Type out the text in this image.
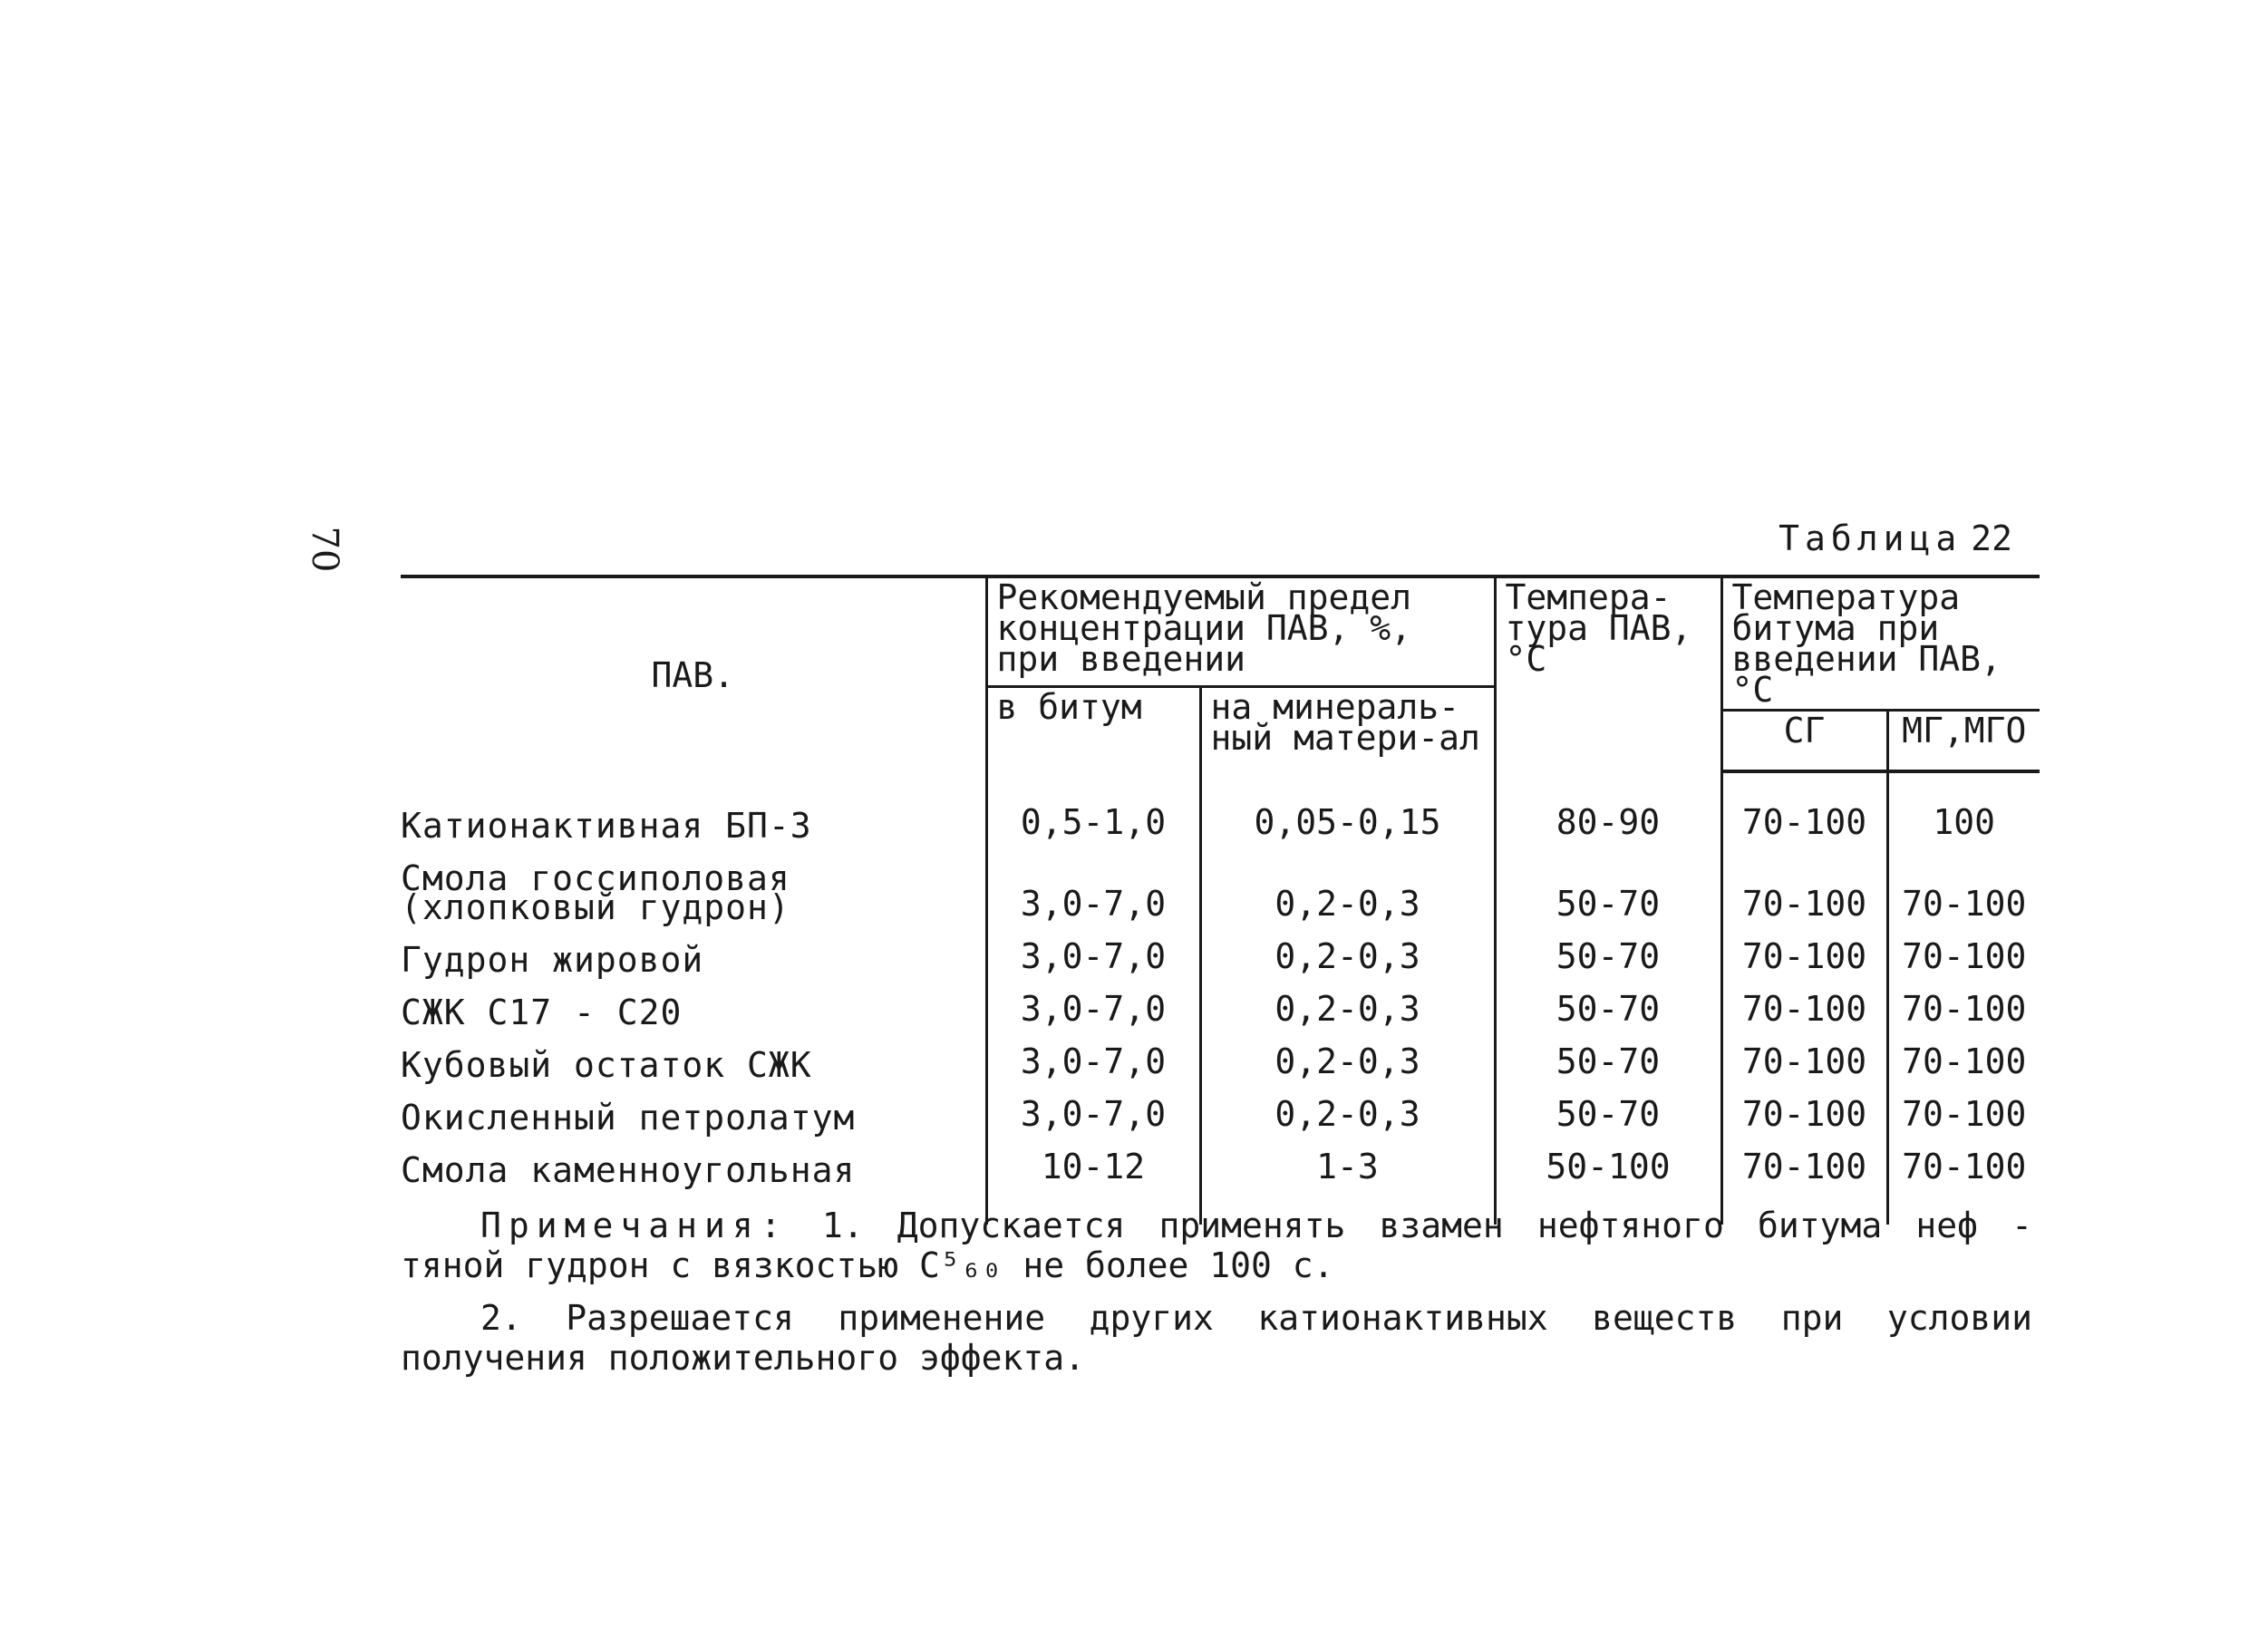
70	Таблица 22
ПАВ.	Рекомендуемый предел концентрации ПАВ, %, при введении		Темпера-тура ПАВ, °С	Температура битума при введении ПАВ, °С	
	в битум	на минераль-ный матери-ал			
				СГ	МГ,МГО
Катионактивная БП-3	0,5-1,0	0,05-0,15	80-90	70-100	100
Смола госсиполовая (хлопковый гудрон)	3,0-7,0	0,2-0,3	50-70	70-100	70-100
Гудрон жировой	3,0-7,0	0,2-0,3	50-70	70-100	70-100
СЖК С17 - С20	3,0-7,0	0,2-0,3	50-70	70-100	70-100
Кубовый остаток СЖК	3,0-7,0	0,2-0,3	50-70	70-100	70-100
Окисленный петролатум	3,0-7,0	0,2-0,3	50-70	70-100	70-100
Смола каменноугольная	10-12	1-3	50-100	70-100	70-100

Примечания: 1. Допускается применять взамен нефтяного битума неф - тяной гудрон с вязкостью С⁵₆₀ не более 100 с.

2. Разрешается применение других катионактивных веществ при условии получения положительного эффекта.
